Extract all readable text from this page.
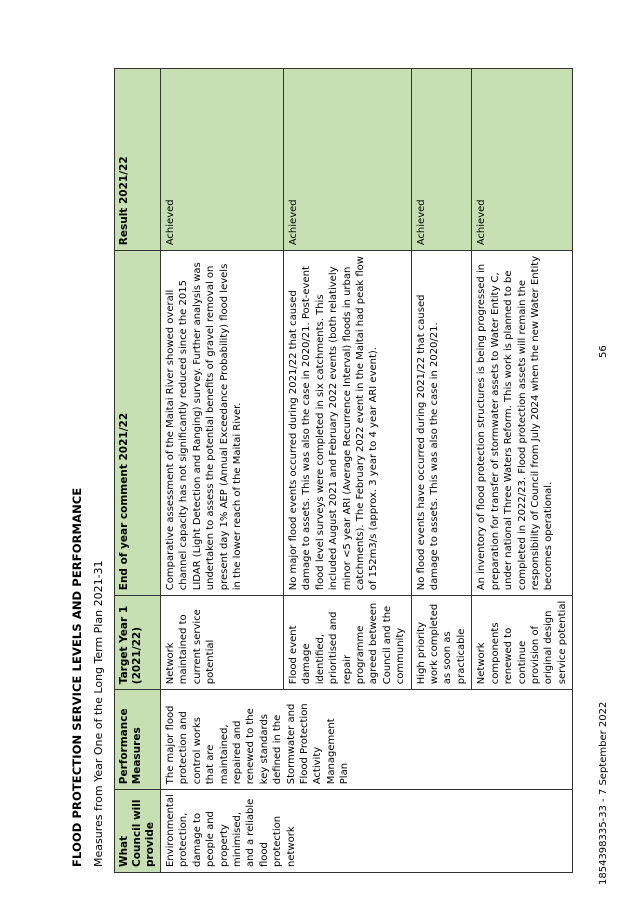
FLOOD PROTECTION SERVICE LEVELS AND PERFORMANCE Measures from Year One of the Long Term Plan 2021-31 What Council will provide	Performance Measures	Target Year 1 (2021/22)	End of year comment 2021/22	Result 2021/22
Environmental protection, damage to people and property minimised, and a reliable flood protection network	The major flood protection and control works that are maintained, repaired and renewed to the key standards defined in the Stormwater and Flood Protection Activity Management Plan	Network maintained to current service potential	Comparative assessment of the Maitai River showed overall channel capacity has not significantly reduced since the 2015 LIDAR (Light Detection and Ranging) survey. Further analysis was undertaken to assess the potential benefits of gravel removal on present day 1% AEP (Annual Exceedance Probability) flood levels in the lower reach of the Maitai River.	Achieved
		Flood event damage identified, prioritised and repair programme agreed between Council and the community	No major flood events occurred during 2021/22 that caused damage to assets. This was also the case in 2020/21. Post-event flood level surveys were completed in six catchments. This included August 2021 and February 2022 events (both relatively minor <5 year ARI (Average Recurrence Interval) floods in urban catchments). The February 2022 event in the Maitai had peak flow of 152m3/s (approx. 3 year to 4 year ARI event).	Achieved
		High priority work completed as soon as practicable	No flood events have occurred during 2021/22 that caused damage to assets. This was also the case in 2020/21.	Achieved
		Network components renewed to continue provision of original design service potential	An inventory of flood protection structures is being progressed in preparation for transfer of stormwater assets to Water Entity C, under national Three Waters Reform. This work is planned to be completed in 2022/23. Flood protection assets will remain the responsibility of Council from July 2024 when the new Water Entity becomes operational.	Achieved
1854398335-33 - 7 September 2022
56
